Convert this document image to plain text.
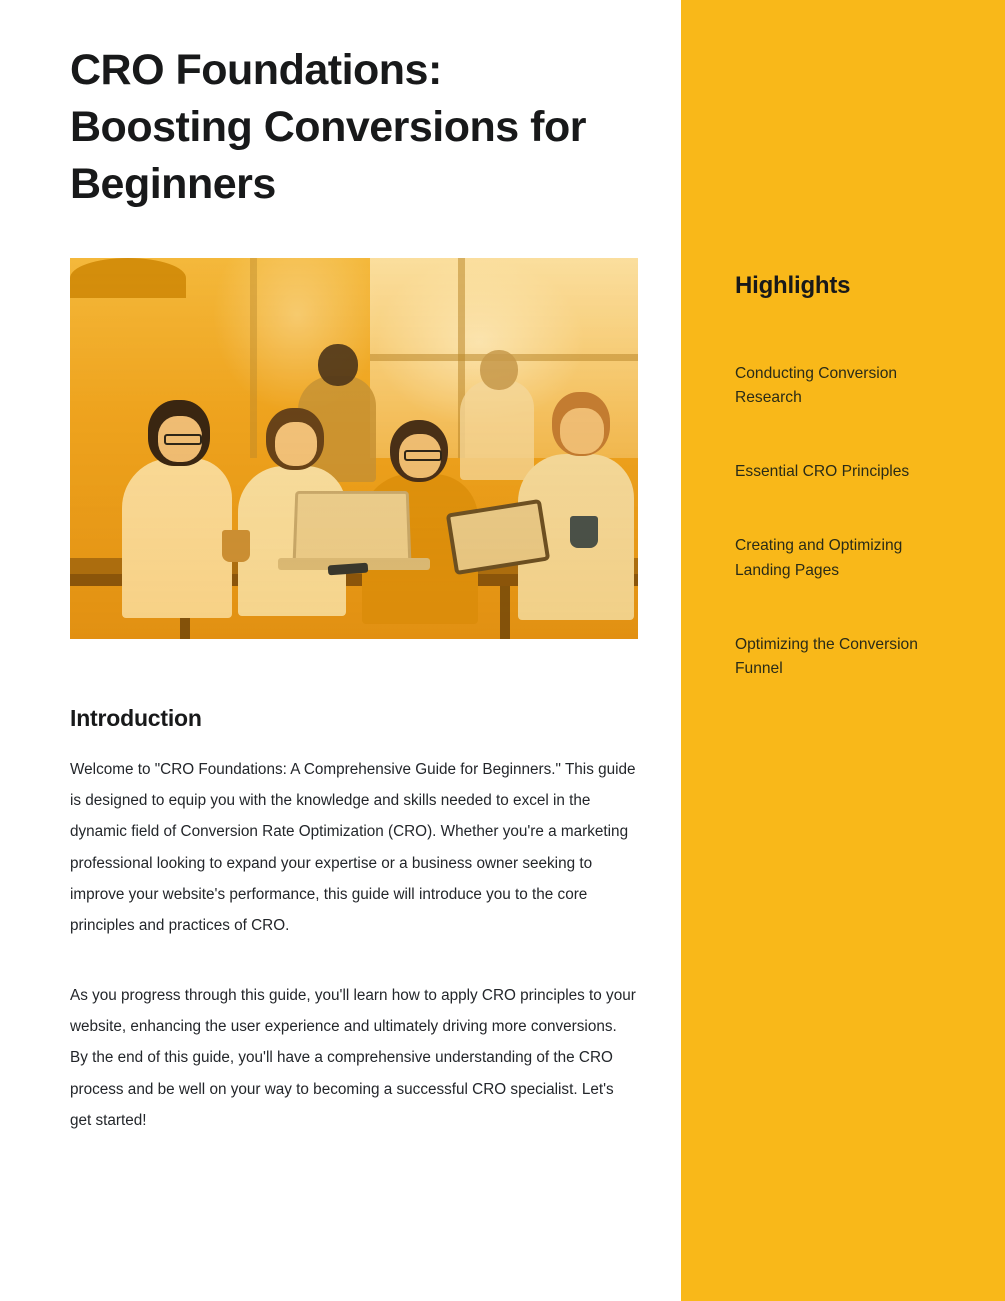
CRO Foundations: Boosting Conversions for Beginners
Introduction

Welcome to "CRO Foundations: A Comprehensive Guide for Beginners." This guide is designed to equip you with the knowledge and skills needed to excel in the dynamic field of Conversion Rate Optimization (CRO). Whether you're a marketing professional looking to expand your expertise or a business owner seeking to improve your website's performance, this guide will introduce you to the core principles and practices of CRO.

As you progress through this guide, you'll learn how to apply CRO principles to your website, enhancing the user experience and ultimately driving more conversions. By the end of this guide, you'll have a comprehensive understanding of the CRO process and be well on your way to becoming a successful CRO specialist. Let's get started!

Highlights
Conducting Conversion Research
Essential CRO Principles
Creating and Optimizing Landing Pages
Optimizing the Conversion Funnel
